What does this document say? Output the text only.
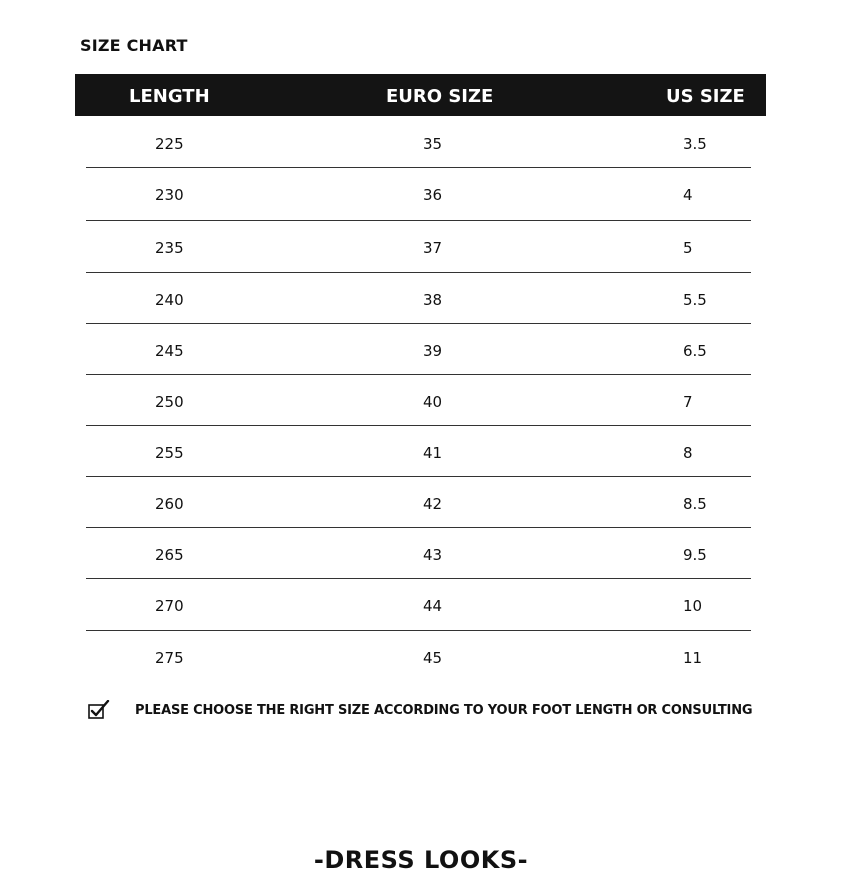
SIZE CHART
LENGTH	EURO SIZE	US SIZE
225	35	3.5
230	36	4
235	37	5
240	38	5.5
245	39	6.5
250	40	7
255	41	8
260	42	8.5
265	43	9.5
270	44	10
275	45	11
PLEASE CHOOSE THE RIGHT SIZE ACCORDING TO YOUR FOOT LENGTH OR CONSULTING
-DRESS LOOKS-
